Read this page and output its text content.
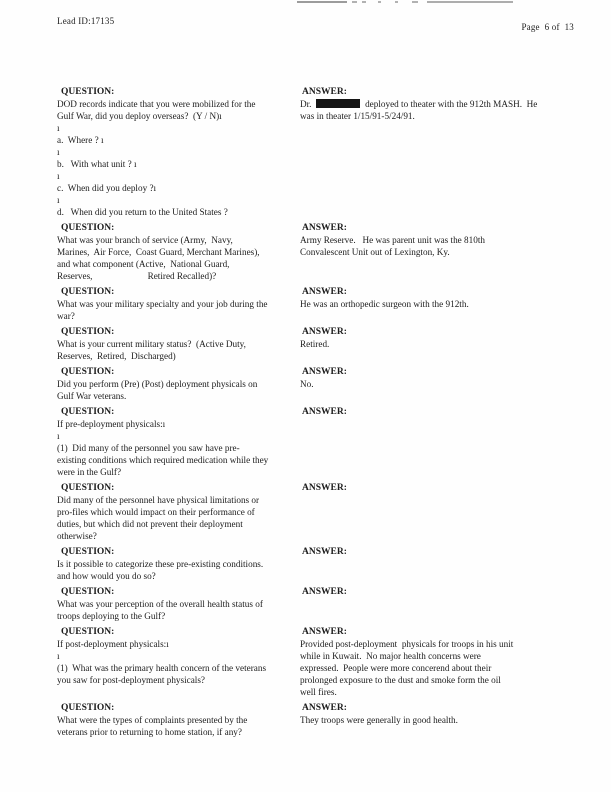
Lead ID:17135
Page  6 of  13
QUESTION:
DOD records indicate that you were mobilized for the
Gulf War, did you deploy overseas?  (Y / N)ı
ı
a.  Where ? ı
ı
b.   With what unit ? ı
ı
c.  When did you deploy ?ı
ı
d.   When did you return to the United States ?
ANSWER:
Dr.	deployed to theater with the 912th MASH.  He
was in theater 1/15/91-5/24/91.
QUESTION:
What was your branch of service (Army,  Navy,
Marines,  Air Force,  Coast Guard, Merchant Marines),
and what component (Active,  National Guard,
Reserves,                        Retired Recalled)?
ANSWER:
Army Reserve.   He was parent unit was the 810th
Convalescent Unit out of Lexington, Ky.
QUESTION:
What was your military specialty and your job during the
war?
ANSWER:
He was an orthopedic surgeon with the 912th.
QUESTION:
What is your current military status?  (Active Duty,
Reserves,  Retired,  Discharged)
ANSWER:
Retired.
QUESTION:
Did you perform (Pre) (Post) deployment physicals on
Gulf War veterans.
ANSWER:
No.
QUESTION:
If pre-deployment physicals:ı
ı
(1)  Did many of the personnel you saw have pre-
existing conditions which required medication while they
were in the Gulf?
ANSWER:
QUESTION:
Did many of the personnel have physical limitations or
pro-files which would impact on their performance of
duties, but which did not prevent their deployment
otherwise?
ANSWER:
QUESTION:
Is it possible to categorize these pre-existing conditions.
and how would you do so?
ANSWER:
QUESTION:
What was your perception of the overall health status of
troops deploying to the Gulf?
ANSWER:
QUESTION:
If post-deployment physicals:ı
ı
(1)  What was the primary health concern of the veterans
you saw for post-deployment physicals?
ANSWER:
Provided post-deployment  physicals for troops in his unit
while in Kuwait.  No major health concerns were
expressed.  People were more concerend about their
prolonged exposure to the dust and smoke form the oil
well fires.
QUESTION:
What were the types of complaints presented by the
veterans prior to returning to home station, if any?
ANSWER:
They troops were generally in good health.
